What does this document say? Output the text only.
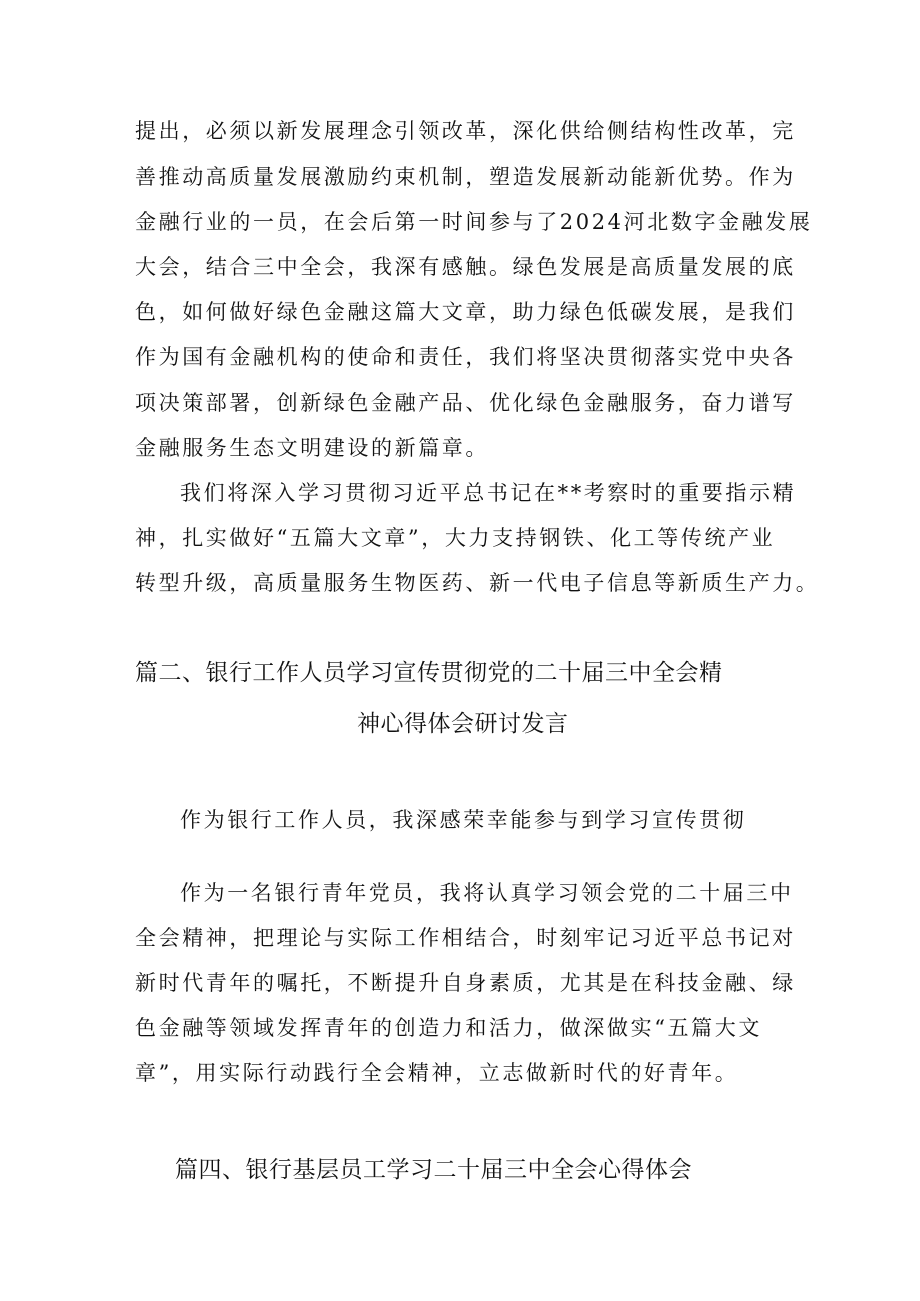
提出，必须以新发展理念引领改革，深化供给侧结构性改革，完
善推动高质量发展激励约束机制，塑造发展新动能新优势。作为
金融行业的一员，在会后第一时间参与了2024河北数字金融发展
大会，结合三中全会，我深有感触。绿色发展是高质量发展的底
色，如何做好绿色金融这篇大文章，助力绿色低碳发展，是我们
作为国有金融机构的使命和责任，我们将坚决贯彻落实党中央各
项决策部署，创新绿色金融产品、优化绿色金融服务，奋力谱写
金融服务生态文明建设的新篇章。
我们将深入学习贯彻习近平总书记在**考察时的重要指示精
神，扎实做好“五篇大文章”，大力支持钢铁、化工等传统产业
转型升级，高质量服务生物医药、新一代电子信息等新质生产力。
篇二、银行工作人员学习宣传贯彻党的二十届三中全会精
神心得体会研讨发言
作为银行工作人员，我深感荣幸能参与到学习宣传贯彻
作为一名银行青年党员，我将认真学习领会党的二十届三中
全会精神，把理论与实际工作相结合，时刻牢记习近平总书记对
新时代青年的嘱托，不断提升自身素质，尤其是在科技金融、绿
色金融等领域发挥青年的创造力和活力，做深做实“五篇大文
章”，用实际行动践行全会精神，立志做新时代的好青年。
篇四、银行基层员工学习二十届三中全会心得体会
